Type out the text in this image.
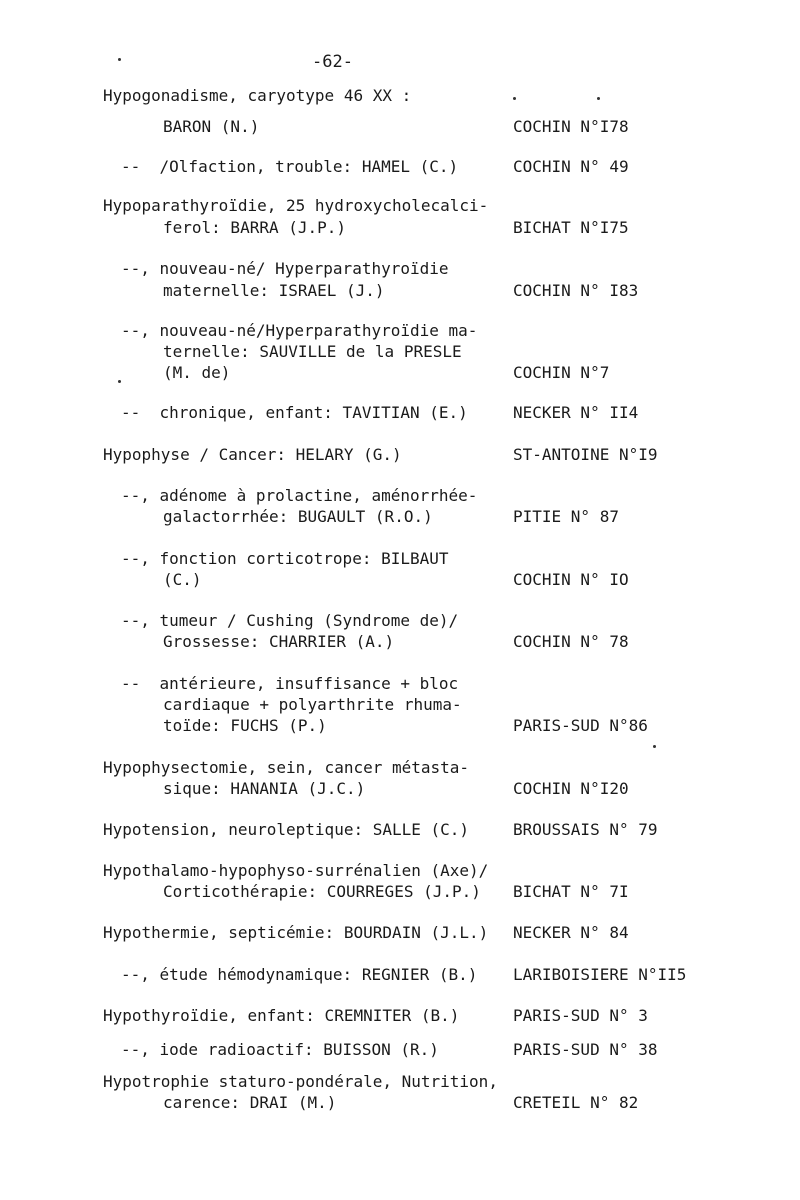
-62-
Hypogonadisme, caryotype 46 XX :
BARON (N.)
--  /Olfaction, trouble: HAMEL (C.)
Hypoparathyroïdie, 25 hydroxycholecalci-
ferol: BARRA (J.P.)
--, nouveau-né/ Hyperparathyroïdie
maternelle: ISRAEL (J.)
--, nouveau-né/Hyperparathyroïdie ma-
ternelle: SAUVILLE de la PRESLE
(M. de)
--  chronique, enfant: TAVITIAN (E.)
Hypophyse / Cancer: HELARY (G.)
--, adénome à prolactine, aménorrhée-
galactorrhée: BUGAULT (R.O.)
--, fonction corticotrope: BILBAUT
(C.)
--, tumeur / Cushing (Syndrome de)/
Grossesse: CHARRIER (A.)
--  antérieure, insuffisance + bloc
cardiaque + polyarthrite rhuma-
toïde: FUCHS (P.)
Hypophysectomie, sein, cancer métasta-
sique: HANANIA (J.C.)
Hypotension, neuroleptique: SALLE (C.)
Hypothalamo-hypophyso-surrénalien (Axe)/
Corticothérapie: COURREGES (J.P.)
Hypothermie, septicémie: BOURDAIN (J.L.)
--, étude hémodynamique: REGNIER (B.)
Hypothyroïdie, enfant: CREMNITER (B.)
--, iode radioactif: BUISSON (R.)
Hypotrophie staturo-pondérale, Nutrition,
carence: DRAI (M.)
COCHIN N°I78
COCHIN N° 49
BICHAT N°I75
COCHIN N° I83
COCHIN N°7
NECKER N° II4
ST-ANTOINE N°I9
PITIE N° 87
COCHIN N° IO
COCHIN N° 78
PARIS-SUD N°86
COCHIN N°I20
BROUSSAIS N° 79
BICHAT N° 7I
NECKER N° 84
LARIBOISIERE N°II5
PARIS-SUD N° 3
PARIS-SUD N° 38
CRETEIL N° 82
